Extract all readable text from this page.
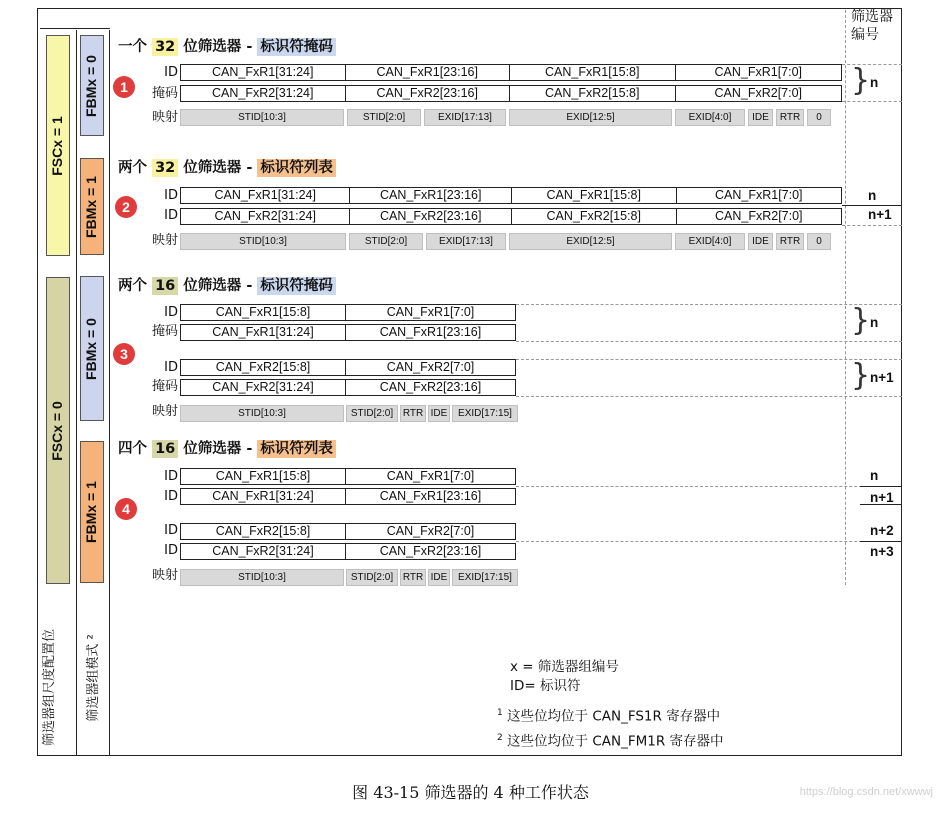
筛选器
编号
FSCx = 1
FSCx = 0
FBMx = 0
FBMx = 1
FBMx = 0
FBMx = 1
筛选器组尺度配置位	筛选器组模式 ²
一个 32 位筛选器 - 标识符掩码
1
ID
掩码
CAN_FxR1[31:24]	CAN_FxR1[23:16]	CAN_FxR1[15:8]	CAN_FxR1[7:0]
CAN_FxR2[31:24]	CAN_FxR2[23:16]	CAN_FxR2[15:8]	CAN_FxR2[7:0]
映射	STID[10:3]	STID[2:0]	EXID[17:13]	EXID[12:5]	EXID[4:0]	IDE	RTR	0
} n
两个 32 位筛选器 - 标识符列表
2
ID
ID
CAN_FxR1[31:24]	CAN_FxR1[23:16]	CAN_FxR1[15:8]	CAN_FxR1[7:0]
CAN_FxR2[31:24]	CAN_FxR2[23:16]	CAN_FxR2[15:8]	CAN_FxR2[7:0]
映射	STID[10:3]	STID[2:0]	EXID[17:13]	EXID[12:5]	EXID[4:0]	IDE	RTR	0
n
n+1
两个 16 位筛选器 - 标识符掩码
3
ID
掩码
CAN_FxR1[15:8]	CAN_FxR1[7:0]
CAN_FxR1[31:24]	CAN_FxR1[23:16]
ID
掩码
CAN_FxR2[15:8]	CAN_FxR2[7:0]
CAN_FxR2[31:24]	CAN_FxR2[23:16]
映射	STID[10:3]	STID[2:0] RTR IDE	EXID[17:15]
}
}
n
n+1
四个 16 位筛选器 - 标识符列表
4
ID
ID
CAN_FxR1[15:8]	CAN_FxR1[7:0]
CAN_FxR1[31:24]	CAN_FxR1[23:16]
ID
ID
CAN_FxR2[15:8]	CAN_FxR2[7:0]
CAN_FxR2[31:24]	CAN_FxR2[23:16]
映射	STID[10:3]	STID[2:0] RTR IDE	EXID[17:15]
n
n+1
n+2
n+3
x = 筛选器组编号
ID= 标识符
$^1$ 这些位均位于 CAN_FS1R 寄存器中
$^2$ 这些位均位于 CAN_FM1R 寄存器中
图 43-15 筛选器的 4 种工作状态	https://blog.csdn.net/xwwwj
